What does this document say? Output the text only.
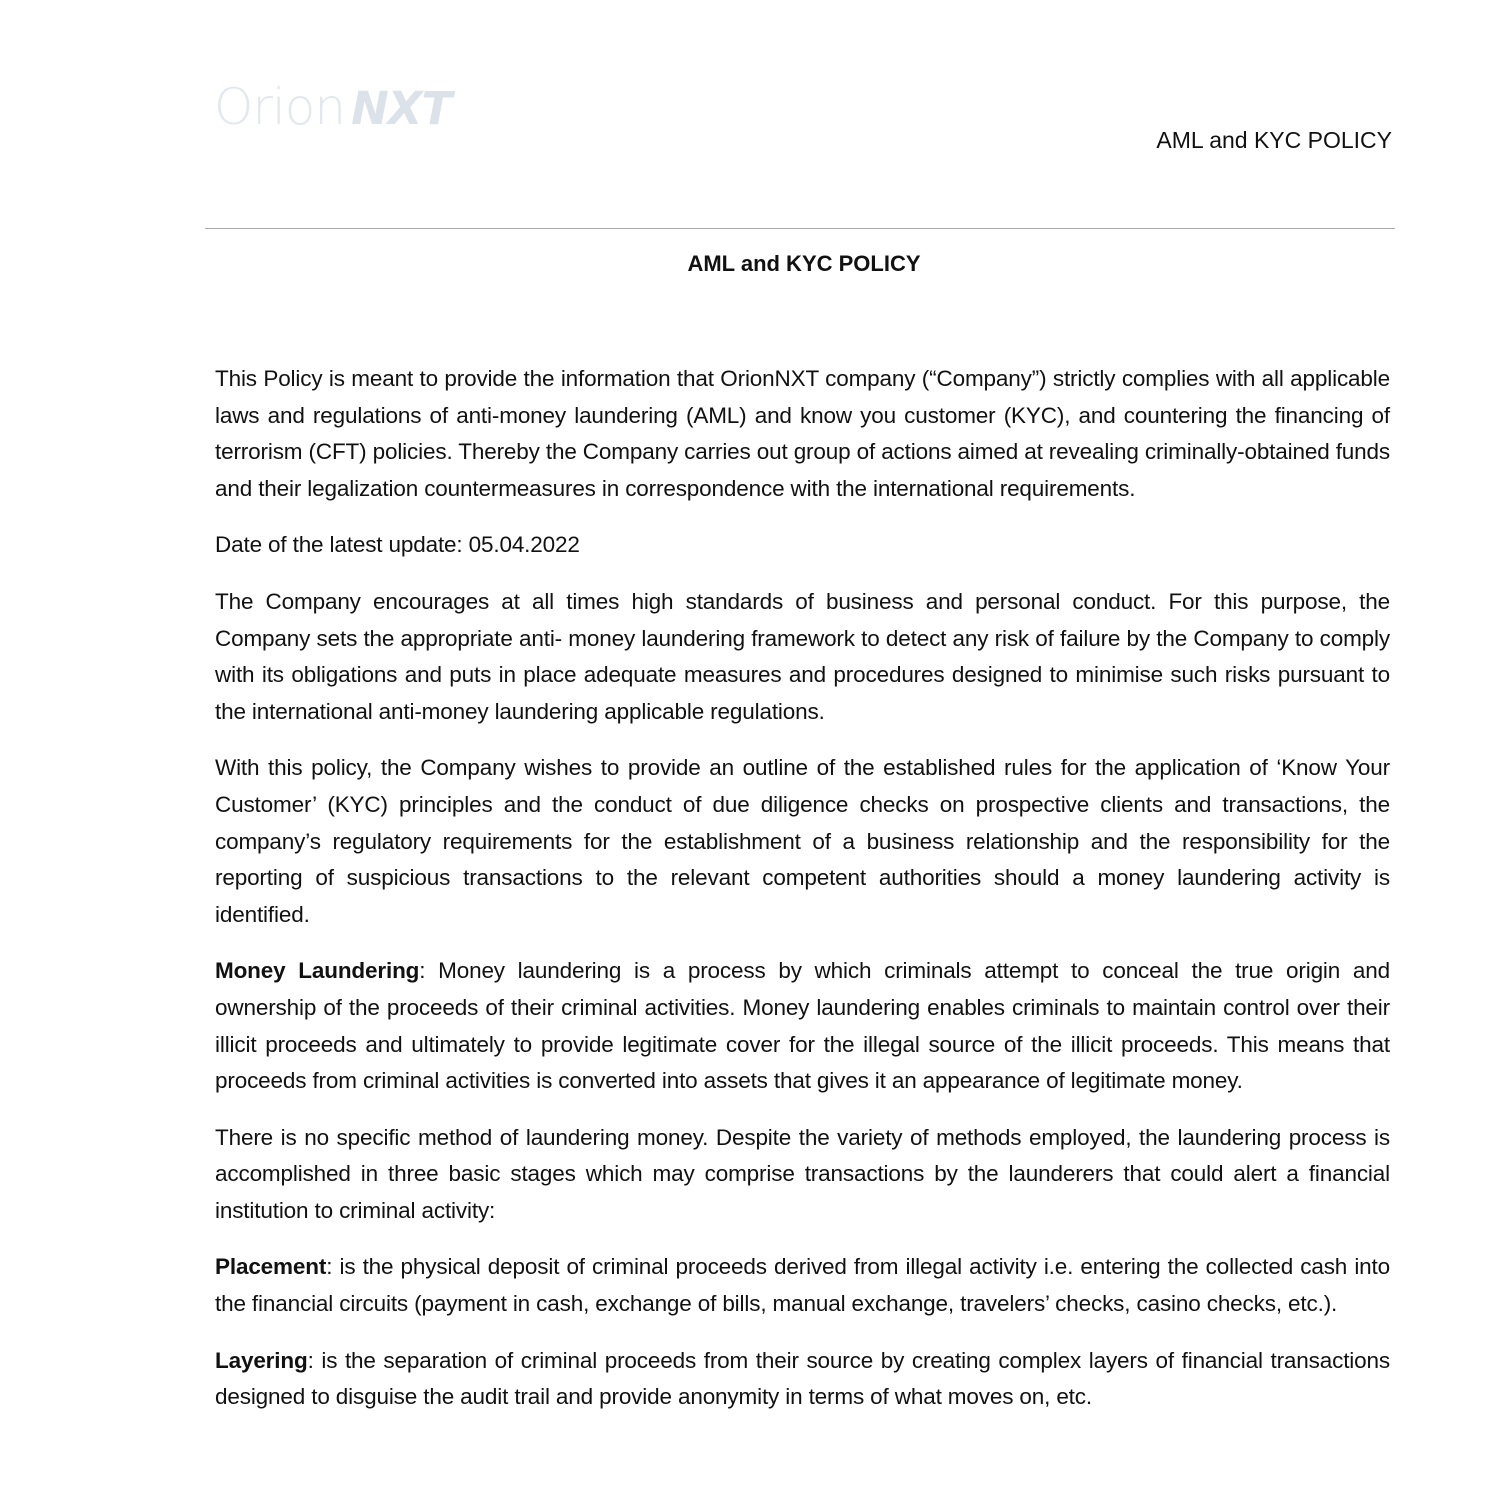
Orion NXT
AML and KYC POLICY
AML and KYC POLICY

This Policy is meant to provide the information that OrionNXT company (“Company”) strictly complies with all applicable laws and regulations of anti-money laundering (AML) and know you customer (KYC), and countering the financing of terrorism (CFT) policies. Thereby the Company carries out group of actions aimed at revealing criminally-obtained funds and their legalization countermeasures in correspondence with the international requirements.

Date of the latest update: 05.04.2022

The Company encourages at all times high standards of business and personal conduct. For this purpose, the Company sets the appropriate anti- money laundering framework to detect any risk of failure by the Company to comply with its obligations and puts in place adequate measures and procedures designed to minimise such risks pursuant to the international anti-money laundering applicable regulations.

With this policy, the Company wishes to provide an outline of the established rules for the application of ‘Know Your Customer’ (KYC) principles and the conduct of due diligence checks on prospective clients and transactions, the company’s regulatory requirements for the establishment of a business relationship and the responsibility for the reporting of suspicious transactions to the relevant competent authorities should a money laundering activity is identified.

Money Laundering: Money laundering is a process by which criminals attempt to conceal the true origin and ownership of the proceeds of their criminal activities. Money laundering enables criminals to maintain control over their illicit proceeds and ultimately to provide legitimate cover for the illegal source of the illicit proceeds. This means that proceeds from criminal activities is converted into assets that gives it an appearance of legitimate money.

There is no specific method of laundering money. Despite the variety of methods employed, the laundering process is accomplished in three basic stages which may comprise transactions by the launderers that could alert a financial institution to criminal activity:

Placement: is the physical deposit of criminal proceeds derived from illegal activity i.e. entering the collected cash into the financial circuits (payment in cash, exchange of bills, manual exchange, travelers’ checks, casino checks, etc.).

Layering: is the separation of criminal proceeds from their source by creating complex layers of financial transactions designed to disguise the audit trail and provide anonymity in terms of what moves on, etc.
